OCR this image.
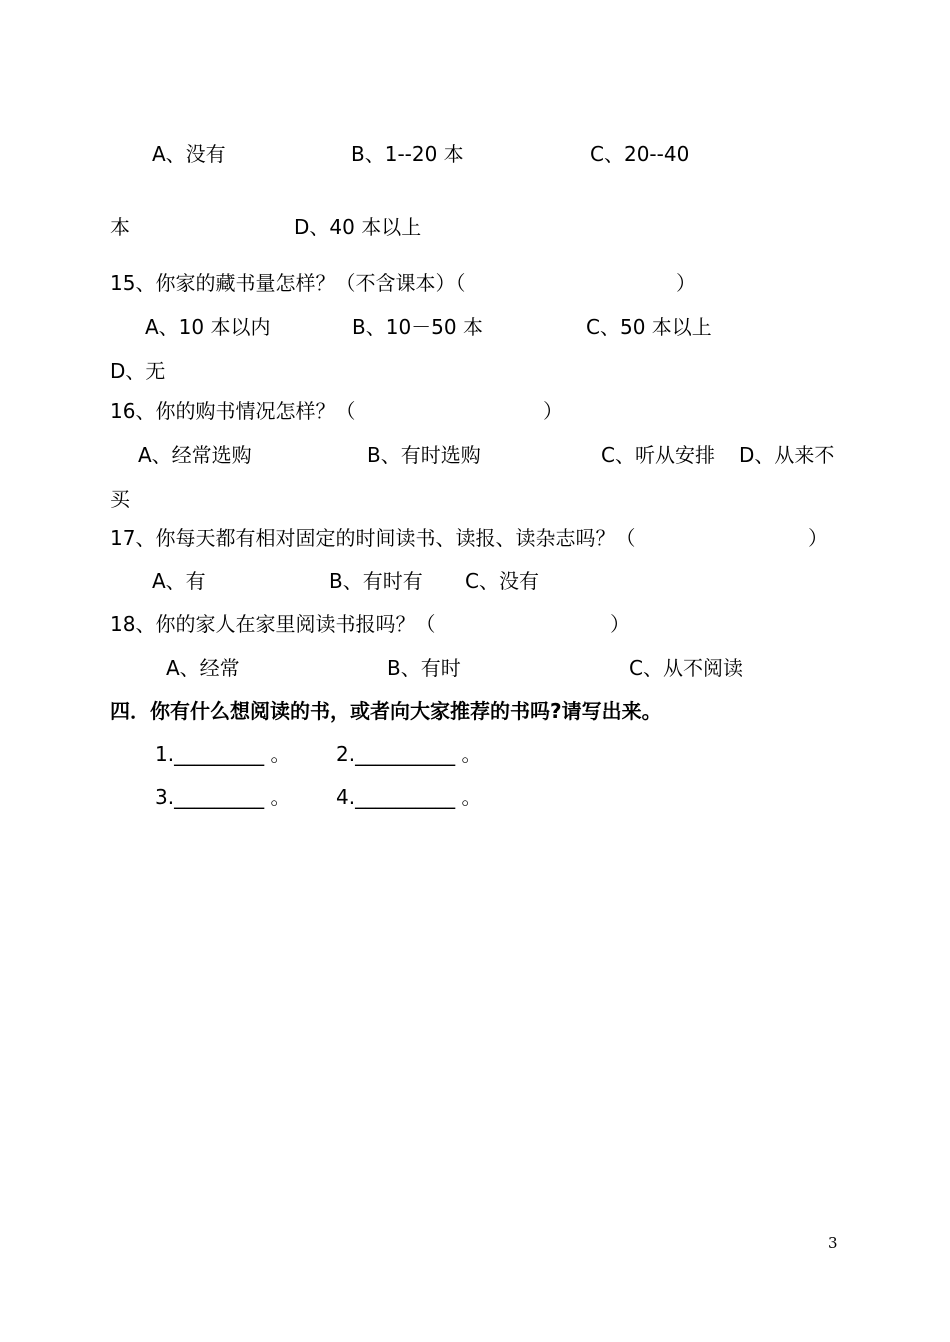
A、没有	B、1--20 本	C、20--40
本	D、40 本以上
15、你家的藏书量怎样？（不含课本）（	）
A、10 本以内	B、10－50 本	C、50 本以上
D、无
16、你的购书情况怎样？（	）
A、经常选购	B、有时选购	C、听从安排 D、从来不
买
17、你每天都有相对固定的时间读书、读报、读杂志吗？（	）
A、有	B、有时有 C、没有
18、你的家人在家里阅读书报吗？（	）
A、经常	B、有时	C、从不阅读
四．你有什么想阅读的书，或者向大家推荐的书吗?请写出来。
1._________ 。 2.__________ 。
3._________ 。 4.__________ 。
3
